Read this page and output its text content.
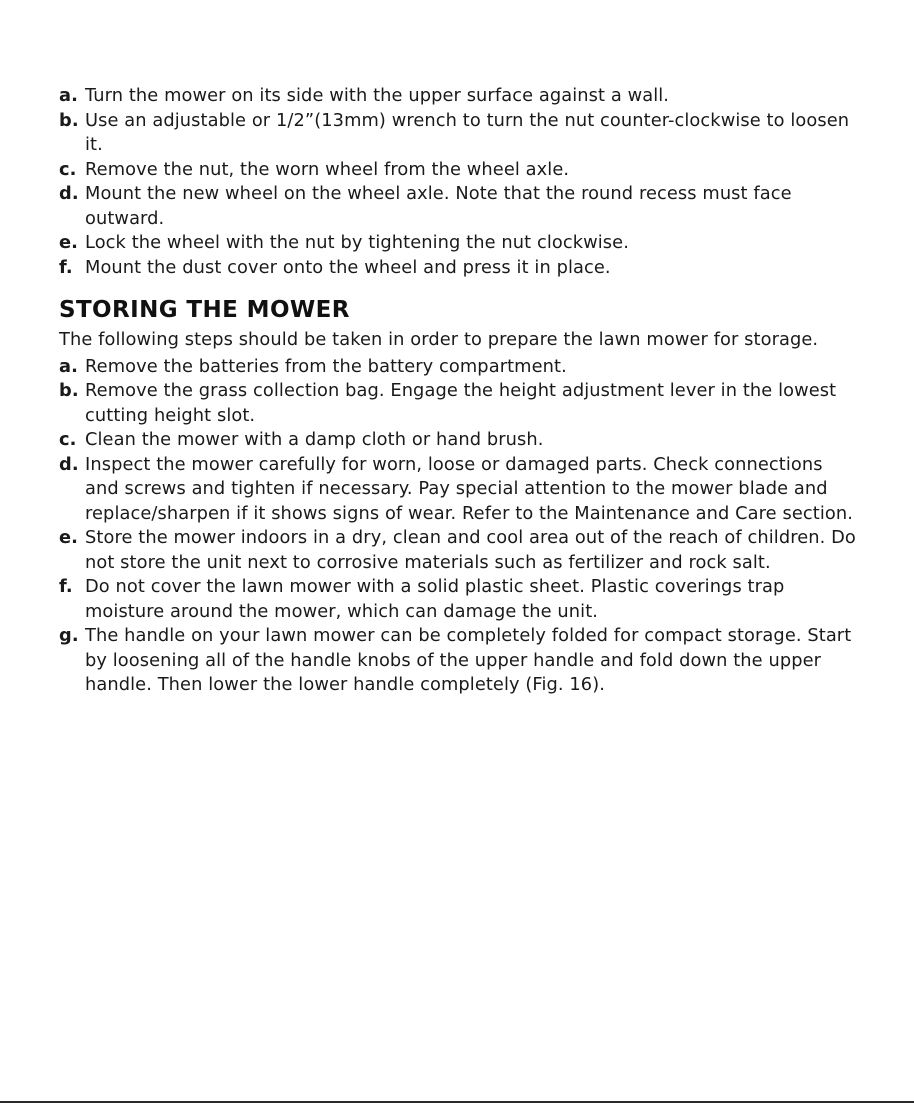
a. Turn the mower on its side with the upper surface against a wall.
b. Use an adjustable or 1/2”(13mm) wrench to turn the nut counter-clockwise to loosen it.
c. Remove the nut, the worn wheel from the wheel axle.
d. Mount the new wheel on the wheel axle. Note that the round recess must face outward.
e. Lock the wheel with the nut by tightening the nut clockwise.
f. Mount the dust cover onto the wheel and press it in place.
STORING THE MOWER

The following steps should be taken in order to prepare the lawn mower for storage.

a. Remove the batteries from the battery compartment.
b. Remove the grass collection bag. Engage the height adjustment lever in the lowest cutting height slot.
c. Clean the mower with a damp cloth or hand brush.
d. Inspect the mower carefully for worn, loose or damaged parts. Check connections and screws and tighten if necessary. Pay special attention to the mower blade and replace/sharpen if it shows signs of wear. Refer to the Maintenance and Care section.
e. Store the mower indoors in a dry, clean and cool area out of the reach of children. Do not store the unit next to corrosive materials such as fertilizer and rock salt.
f. Do not cover the lawn mower with a solid plastic sheet. Plastic coverings trap moisture around the mower, which can damage the unit.
g. The handle on your lawn mower can be completely folded for compact storage. Start by loosening all of the handle knobs of the upper handle and fold down the upper handle. Then lower the lower handle completely (Fig. 16).
